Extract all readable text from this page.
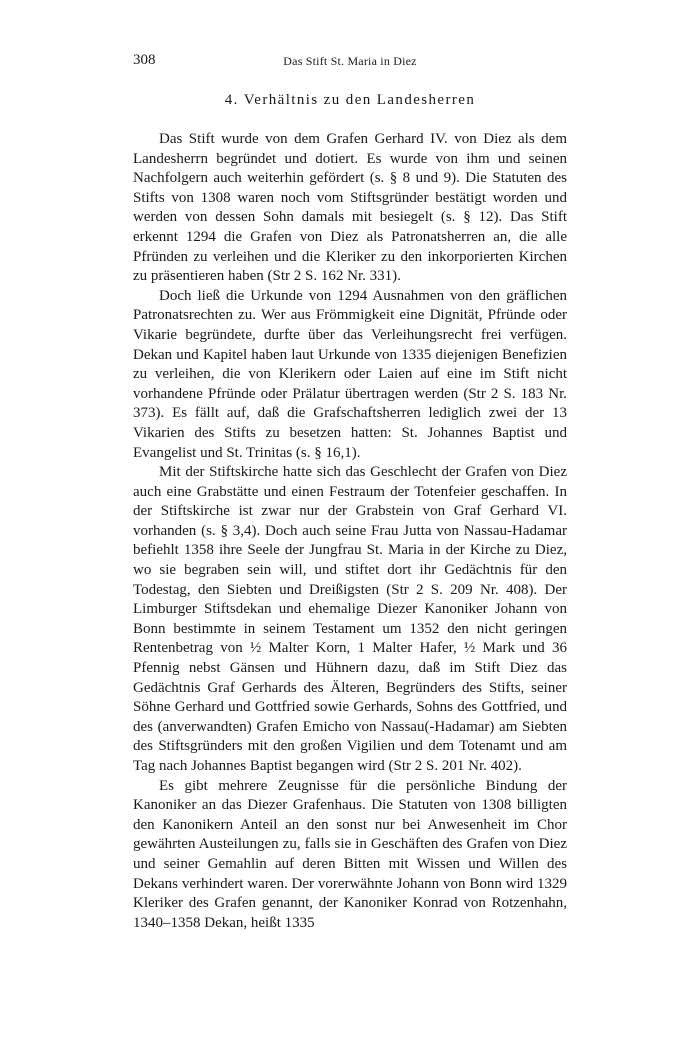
308	Das Stift St. Maria in Diez
4. Verhältnis zu den Landesherren

Das Stift wurde von dem Grafen Gerhard IV. von Diez als dem Landesherrn begründet und dotiert. Es wurde von ihm und seinen Nachfolgern auch weiterhin gefördert (s. § 8 und 9). Die Statuten des Stifts von 1308 waren noch vom Stiftsgründer bestätigt worden und werden von dessen Sohn damals mit besiegelt (s. § 12). Das Stift erkennt 1294 die Grafen von Diez als Patronatsherren an, die alle Pfründen zu verleihen und die Kleriker zu den inkorporierten Kirchen zu präsentieren haben (Str 2 S. 162 Nr. 331).

Doch ließ die Urkunde von 1294 Ausnahmen von den gräflichen Patronatsrechten zu. Wer aus Frömmigkeit eine Dignität, Pfründe oder Vikarie begründete, durfte über das Verleihungsrecht frei verfügen. Dekan und Kapitel haben laut Urkunde von 1335 diejenigen Benefizien zu verleihen, die von Klerikern oder Laien auf eine im Stift nicht vorhandene Pfründe oder Prälatur übertragen werden (Str 2 S. 183 Nr. 373). Es fällt auf, daß die Grafschaftsherren lediglich zwei der 13 Vikarien des Stifts zu besetzen hatten: St. Johannes Baptist und Evangelist und St. Trinitas (s. § 16,1).

Mit der Stiftskirche hatte sich das Geschlecht der Grafen von Diez auch eine Grabstätte und einen Festraum der Totenfeier geschaffen. In der Stiftskirche ist zwar nur der Grabstein von Graf Gerhard VI. vorhanden (s. § 3,4). Doch auch seine Frau Jutta von Nassau-Hadamar befiehlt 1358 ihre Seele der Jungfrau St. Maria in der Kirche zu Diez, wo sie begraben sein will, und stiftet dort ihr Gedächtnis für den Todestag, den Siebten und Dreißigsten (Str 2 S. 209 Nr. 408). Der Limburger Stiftsdekan und ehemalige Diezer Kanoniker Johann von Bonn bestimmte in seinem Testament um 1352 den nicht geringen Rentenbetrag von ½ Malter Korn, 1 Malter Hafer, ½ Mark und 36 Pfennig nebst Gänsen und Hühnern dazu, daß im Stift Diez das Gedächtnis Graf Gerhards des Älteren, Begründers des Stifts, seiner Söhne Gerhard und Gottfried sowie Gerhards, Sohns des Gottfried, und des (anverwandten) Grafen Emicho von Nassau(-Hadamar) am Siebten des Stiftsgründers mit den großen Vigilien und dem Totenamt und am Tag nach Johannes Baptist begangen wird (Str 2 S. 201 Nr. 402).

Es gibt mehrere Zeugnisse für die persönliche Bindung der Kanoniker an das Diezer Grafenhaus. Die Statuten von 1308 billigten den Kanonikern Anteil an den sonst nur bei Anwesenheit im Chor gewährten Austeilungen zu, falls sie in Geschäften des Grafen von Diez und seiner Gemahlin auf deren Bitten mit Wissen und Willen des Dekans verhindert waren. Der vorerwähnte Johann von Bonn wird 1329 Kleriker des Grafen genannt, der Kanoniker Konrad von Rotzenhahn, 1340–1358 Dekan, heißt 1335
